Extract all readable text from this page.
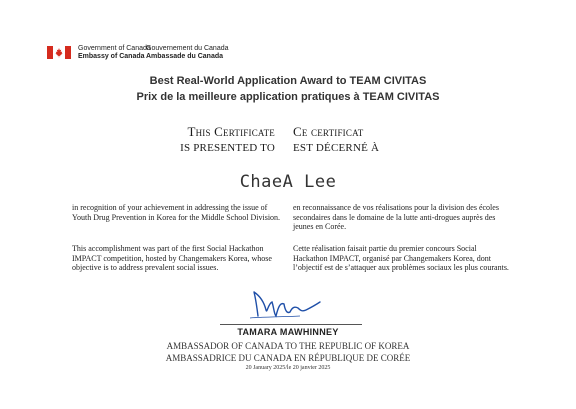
Government of Canada
Embassy of Canada
Gouvernement du Canada
Ambassade du Canada
Best Real-World Application Award to TEAM CIVITAS
Prix de la meilleure application pratiques à TEAM CIVITAS
This Certificate
IS PRESENTED TO
Ce certificat
EST DÉCERNÉ À
ChaeA Lee
in recognition of your achievement in addressing the issue of Youth Drug Prevention in Korea for the Middle School Division.
en reconnaissance de vos réalisations pour la division des écoles secondaires dans le domaine de la lutte anti-drogues auprès des jeunes en Corée.
This accomplishment was part of the first Social Hackathon IMPACT competition, hosted by Changemakers Korea, whose objective is to address prevalent social issues.
Cette réalisation faisait partie du premier concours Social Hackathon IMPACT, organisé par Changemakers Korea, dont l’objectif est de s’attaquer aux problèmes sociaux les plus courants.
TAMARA MAWHINNEY
AMBASSADOR OF CANADA TO THE REPUBLIC OF KOREA
AMBASSADRICE DU CANADA EN RÉPUBLIQUE DE CORÉE
20 January 2025/le 20 janvier 2025
